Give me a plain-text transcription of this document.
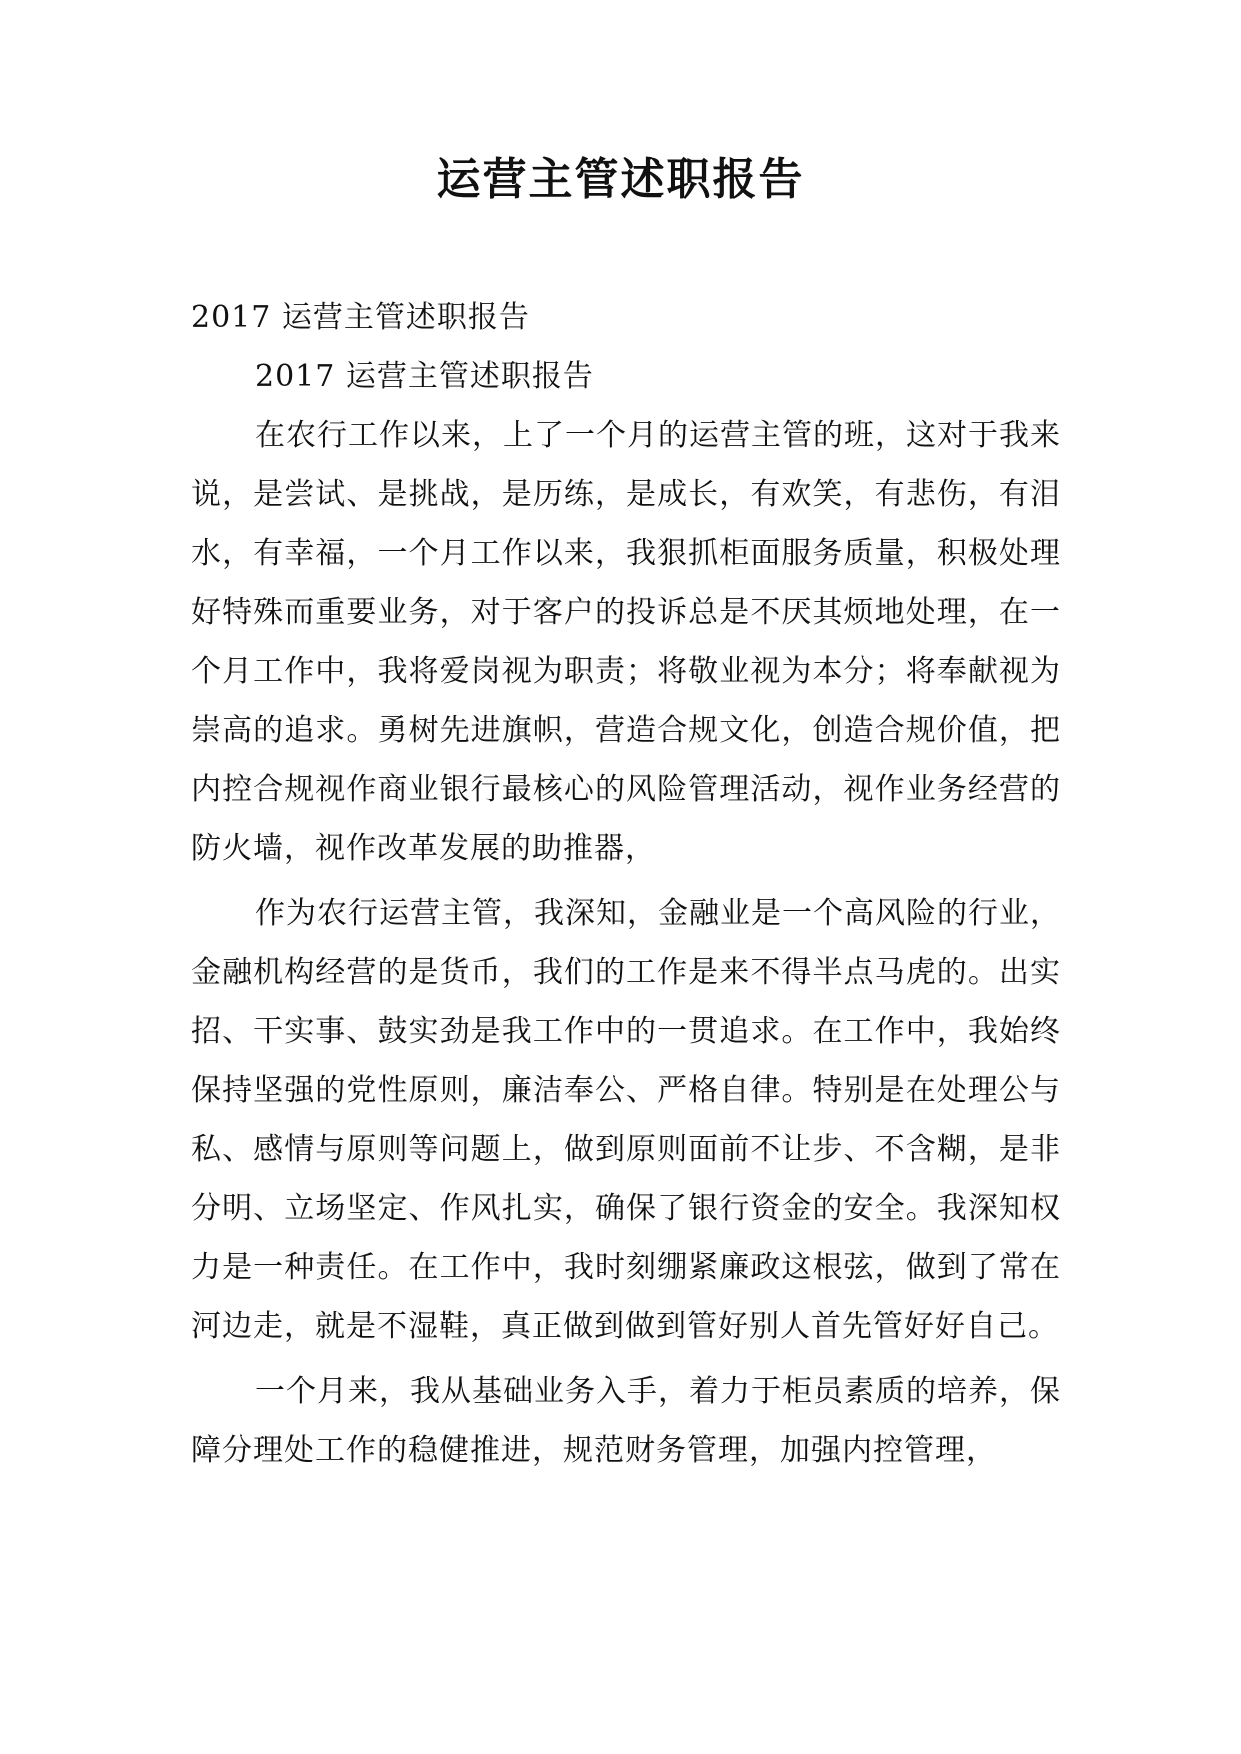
运营主管述职报告
2017 运营主管述职报告
2017 运营主管述职报告
在农行工作以来，上了一个月的运营主管的班，这对于我来说，是尝试、是挑战，是历练，是成长，有欢笑，有悲伤，有泪水，有幸福，一个月工作以来，我狠抓柜面服务质量，积极处理好特殊而重要业务，对于客户的投诉总是不厌其烦地处理，在一个月工作中，我将爱岗视为职责；将敬业视为本分；将奉献视为崇高的追求。勇树先进旗帜，营造合规文化，创造合规价值，把内控合规视作商业银行最核心的风险管理活动，视作业务经营的防火墙，视作改革发展的助推器，
作为农行运营主管，我深知，金融业是一个高风险的行业，金融机构经营的是货币，我们的工作是来不得半点马虎的。出实招、干实事、鼓实劲是我工作中的一贯追求。在工作中，我始终保持坚强的党性原则，廉洁奉公、严格自律。特别是在处理公与私、感情与原则等问题上，做到原则面前不让步、不含糊，是非分明、立场坚定、作风扎实，确保了银行资金的安全。我深知权力是一种责任。在工作中，我时刻绷紧廉政这根弦，做到了常在河边走，就是不湿鞋，真正做到做到管好别人首先管好好自己。
一个月来，我从基础业务入手，着力于柜员素质的培养，保障分理处工作的稳健推进，规范财务管理，加强内控管理，
